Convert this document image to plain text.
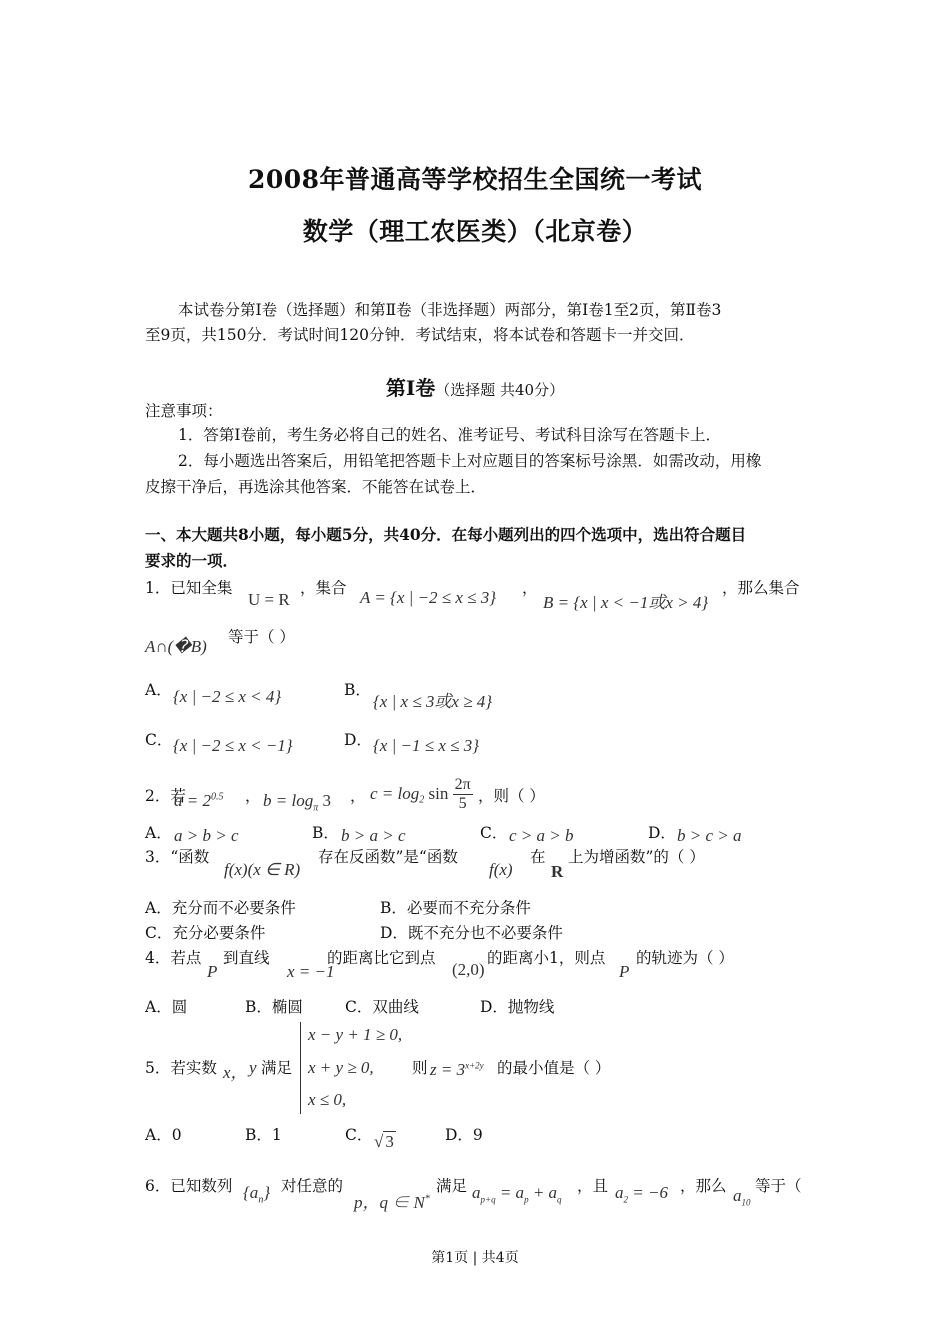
2008年普通高等学校招生全国统一考试
数学（理工农医类）（北京卷）
本试卷分第Ⅰ卷（选择题）和第Ⅱ卷（非选择题）两部分，第Ⅰ卷1至2页，第Ⅱ卷3
至9页，共150分．考试时间120分钟．考试结束，将本试卷和答题卡一并交回．
第Ⅰ卷（选择题 共40分）
注意事项：
1．答第Ⅰ卷前，考生务必将自己的姓名、准考证号、考试科目涂写在答题卡上．
2．每小题选出答案后，用铅笔把答题卡上对应题目的答案标号涂黑．如需改动，用橡
皮擦干净后，再选涂其他答案．不能答在试卷上．
一、本大题共8小题，每小题5分，共40分．在每小题列出的四个选项中，选出符合题目
要求的一项．
1．已知全集
U = R
，集合 A = {x | −2 ≤ x ≤ 3} ，
B = {x | x < −1或x > 4}
，那么集合
A∩(�B) 等于（ ）
A． {x | −2 ≤ x < 4}	B．
{x | x ≤ 3或x ≥ 4}
C． {x | −2 ≤ x < −1}	D． {x | −1 ≤ x ≤ 3}
2．若
$a = 2^{0.5}$ ， $b = \log_\pi 3$ ， $c = \log_2 \sin \frac{2\pi}{5}$ ，则（ ）
A． a > b > c	B． b > a > c	C． c > a > b	D． b > c > a
3．“函数
f(x)(x ∈ R)
存在反函数”是“函数
f(x)
在
R
上为增函数”的（ ）
A．充分而不必要条件	B．必要而不充分条件
C．充分必要条件	D．既不充分也不必要条件
4．若点
P
到直线
x = −1
的距离比它到点
(2,0)
的距离小1，则点
P
的轨迹为（ ）
A．圆	B．椭圆	C．双曲线	D．抛物线
5．若实数 x， y 满足
x − y + 1 ≥ 0,
x + y ≥ 0,
x ≤ 0,
则 $z = 3^{x+2y}$ 的最小值是（ ）
A．0	B．1	C． √ 3	D．9
6．已知数列 $\{a_n\}$ 对任意的
p，q ∈ N*
满足 $a_{p+q} = a_p + a_q$
，且 $a_2 = -6$ ，那么 $a_{10}$
等于（
第1页 | 共4页
